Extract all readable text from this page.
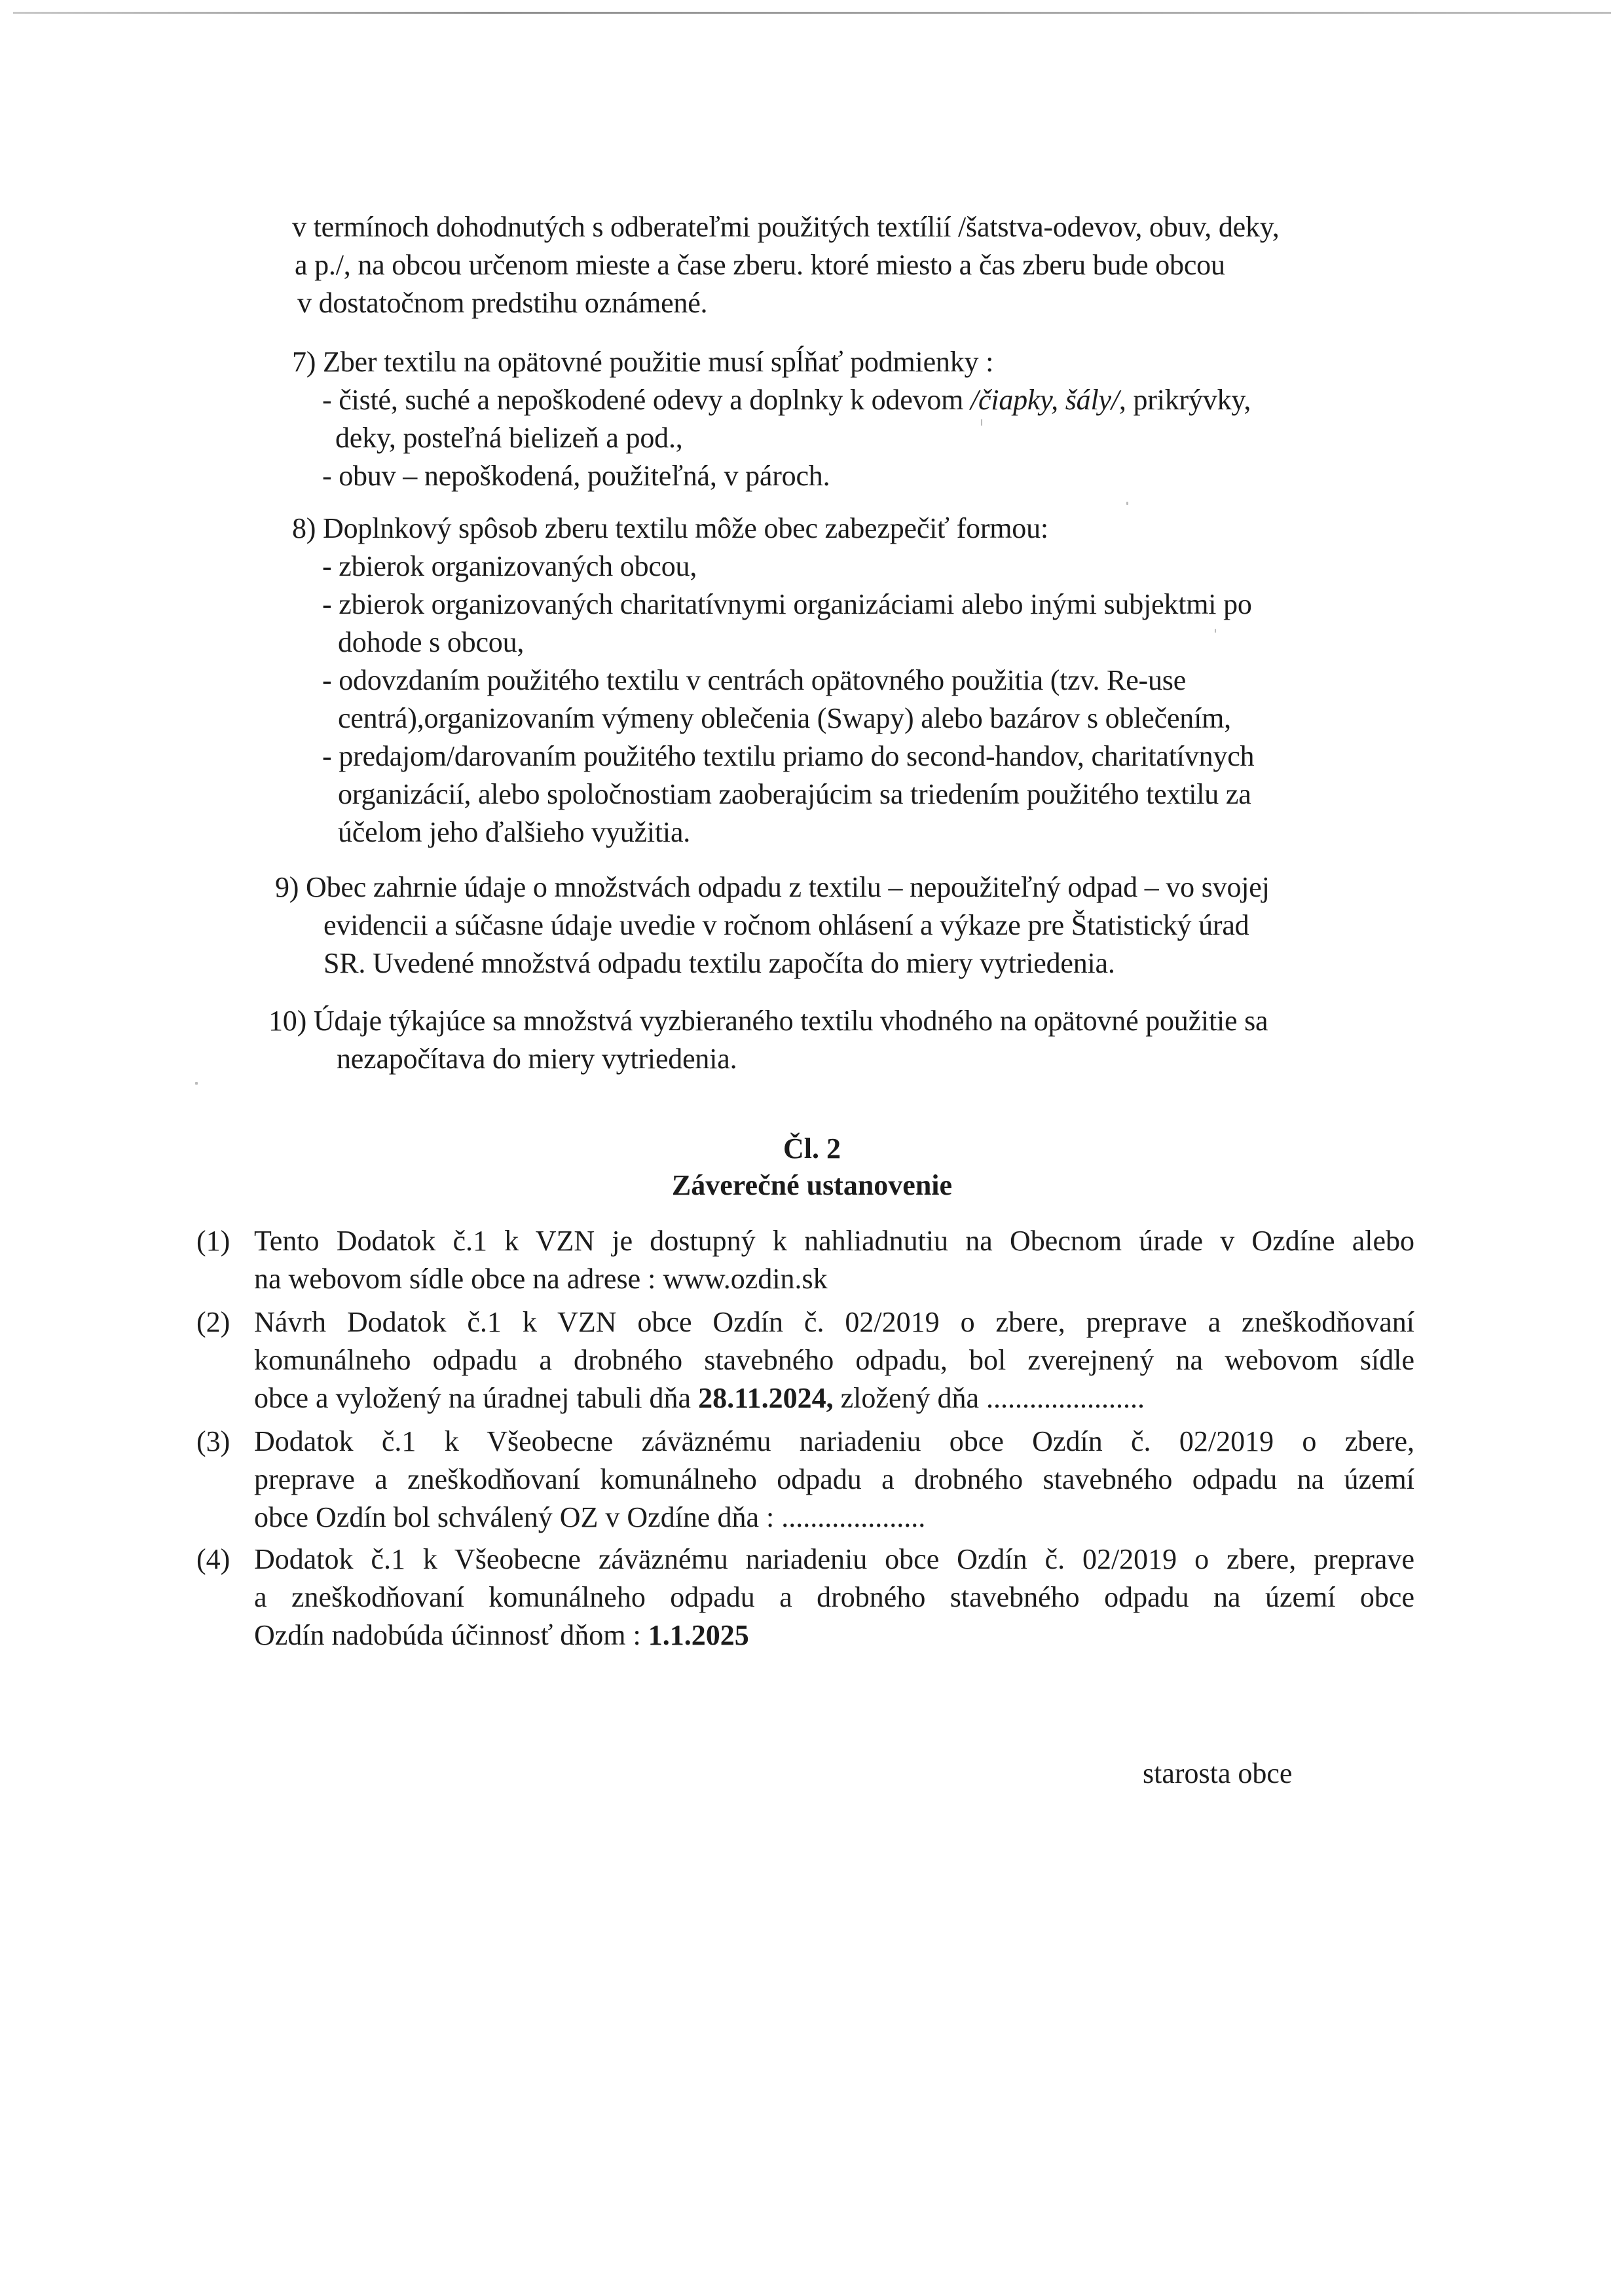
v termínoch dohodnutých s odberateľmi použitých textílií /šatstva-odevov, obuv, deky,
a p./, na obcou určenom mieste a čase zberu. ktoré miesto a čas zberu bude obcou
v dostatočnom predstihu oznámené.
7) Zber textilu na opätovné použitie musí spĺňať podmienky :
- čisté, suché a nepoškodené odevy a doplnky k odevom /čiapky, šály/, prikrývky,
deky, posteľná bielizeň a pod.,
- obuv – nepoškodená, použiteľná, v pároch.
8) Doplnkový spôsob zberu textilu môže obec zabezpečiť formou:
- zbierok organizovaných obcou,
- zbierok organizovaných charitatívnymi organizáciami alebo inými subjektmi po
dohode s obcou,
- odovzdaním použitého textilu v centrách opätovného použitia (tzv. Re-use
centrá),organizovaním výmeny oblečenia (Swapy) alebo bazárov s oblečením,
- predajom/darovaním použitého textilu priamo do second-handov, charitatívnych
organizácií, alebo spoločnostiam zaoberajúcim sa triedením použitého textilu za
účelom jeho ďalšieho využitia.
9) Obec zahrnie údaje o množstvách odpadu z textilu – nepoužiteľný odpad – vo svojej
evidencii a súčasne údaje uvedie v ročnom ohlásení a výkaze pre Štatistický úrad
SR. Uvedené množstvá odpadu textilu započíta do miery vytriedenia.
10) Údaje týkajúce sa množstvá vyzbieraného textilu vhodného na opätovné použitie sa
nezapočítava do miery vytriedenia.
Čl. 2
Záverečné ustanovenie
(1) Tento Dodatok č.1 k VZN je dostupný k nahliadnutiu na Obecnom úrade v Ozdíne alebo
na webovom sídle obce na adrese : www.ozdin.sk
(2) Návrh Dodatok č.1 k VZN obce Ozdín č. 02/2019 o zbere, preprave a zneškodňovaní
komunálneho odpadu a drobného stavebného odpadu, bol zverejnený na webovom sídle
obce a vyložený na úradnej tabuli dňa 28.11.2024, zložený dňa ......................
(3) Dodatok č.1 k Všeobecne záväznému nariadeniu obce Ozdín č. 02/2019 o zbere,
preprave a zneškodňovaní komunálneho odpadu a drobného stavebného odpadu na území
obce Ozdín bol schválený OZ v Ozdíne dňa : ....................
(4) Dodatok č.1 k Všeobecne záväznému nariadeniu obce Ozdín č. 02/2019 o zbere, preprave
a zneškodňovaní komunálneho odpadu a drobného stavebného odpadu na území obce
Ozdín nadobúda účinnosť dňom : 1.1.2025
starosta obce
